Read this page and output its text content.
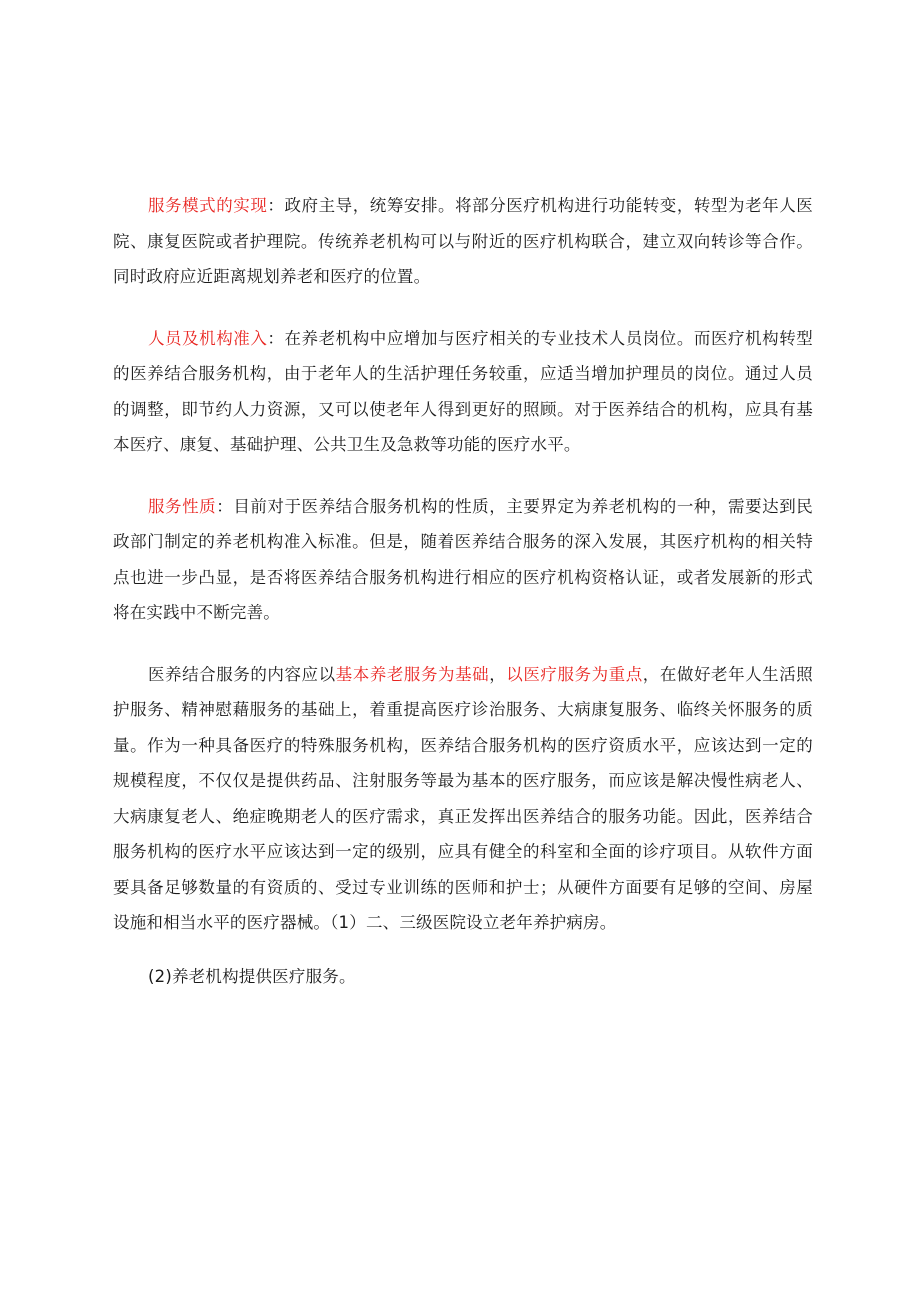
服务模式的实现：政府主导，统筹安排。将部分医疗机构进行功能转变，转型为老年人医院、康复医院或者护理院。传统养老机构可以与附近的医疗机构联合，建立双向转诊等合作。同时政府应近距离规划养老和医疗的位置。

人员及机构准入：在养老机构中应增加与医疗相关的专业技术人员岗位。而医疗机构转型的医养结合服务机构，由于老年人的生活护理任务较重，应适当增加护理员的岗位。通过人员的调整，即节约人力资源，又可以使老年人得到更好的照顾。对于医养结合的机构，应具有基本医疗、康复、基础护理、公共卫生及急救等功能的医疗水平。

服务性质：目前对于医养结合服务机构的性质，主要界定为养老机构的一种，需要达到民政部门制定的养老机构准入标准。但是，随着医养结合服务的深入发展，其医疗机构的相关特点也进一步凸显，是否将医养结合服务机构进行相应的医疗机构资格认证，或者发展新的形式将在实践中不断完善。

医养结合服务的内容应以基本养老服务为基础，以医疗服务为重点，在做好老年人生活照护服务、精神慰藉服务的基础上，着重提高医疗诊治服务、大病康复服务、临终关怀服务的质量。作为一种具备医疗的特殊服务机构，医养结合服务机构的医疗资质水平，应该达到一定的规模程度，不仅仅是提供药品、注射服务等最为基本的医疗服务，而应该是解决慢性病老人、大病康复老人、绝症晚期老人的医疗需求，真正发挥出医养结合的服务功能。因此，医养结合服务机构的医疗水平应该达到一定的级别，应具有健全的科室和全面的诊疗项目。从软件方面要具备足够数量的有资质的、受过专业训练的医师和护士；从硬件方面要有足够的空间、房屋设施和相当水平的医疗器械。（1）二、三级医院设立老年养护病房。

(2)养老机构提供医疗服务。
